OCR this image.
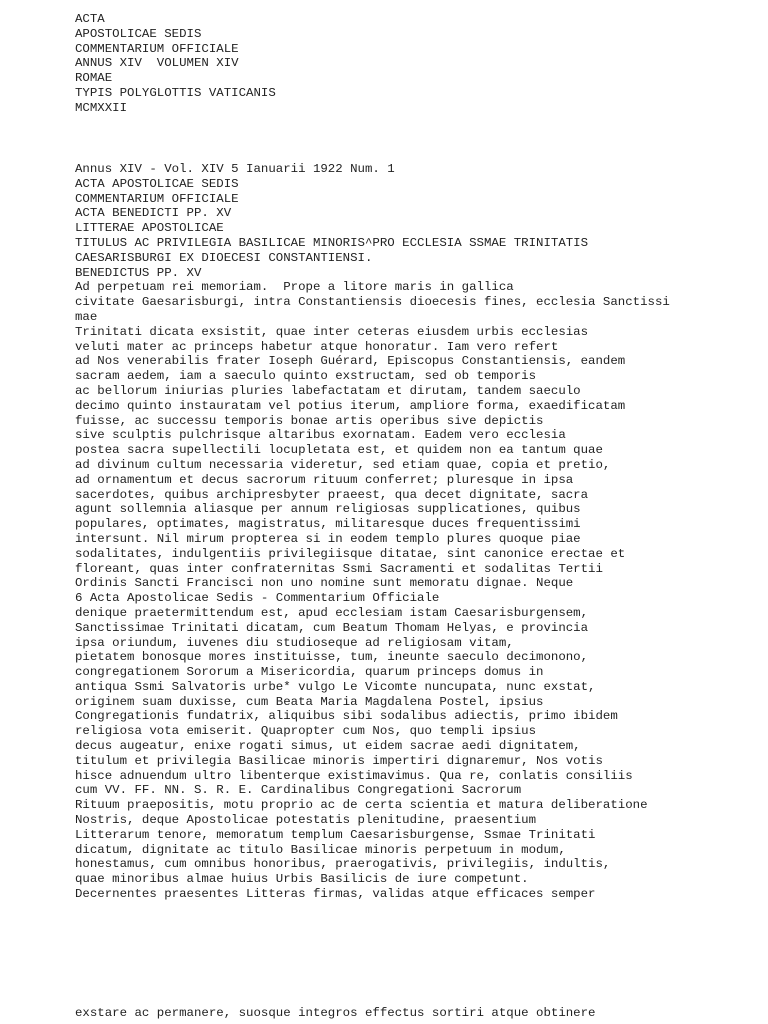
ACTA
APOSTOLICAE SEDIS
COMMENTARIUM OFFICIALE
ANNUS XIV  VOLUMEN XIV
ROMAE
TYPIS POLYGLOTTIS VATICANIS
MCMXXII
Annus XIV - Vol. XIV 5 Ianuarii 1922 Num. 1
ACTA APOSTOLICAE SEDIS
COMMENTARIUM OFFICIALE
ACTA BENEDICTI PP. XV
LITTERAE APOSTOLICAE
TITULUS AC PRIVILEGIA BASILICAE MINORIS^PRO ECCLESIA SSMAE TRINITATIS
CAESARISBURGI EX DIOECESI CONSTANTIENSI.
BENEDICTUS PP. XV
Ad perpetuam rei memoriam.  Prope a litore maris in gallica
civitate Gaesarisburgi, intra Constantiensis dioecesis fines, ecclesia Sanctissi
mae
Trinitati dicata exsistit, quae inter ceteras eiusdem urbis ecclesias
veluti mater ac princeps habetur atque honoratur. Iam vero refert
ad Nos venerabilis frater Ioseph Guérard, Episcopus Constantiensis, eandem
sacram aedem, iam a saeculo quinto exstructam, sed ob temporis
ac bellorum iniurias pluries labefactatam et dirutam, tandem saeculo
decimo quinto instauratam vel potius iterum, ampliore forma, exaedificatam
fuisse, ac successu temporis bonae artis operibus sive depictis
sive sculptis pulchrisque altaribus exornatam. Eadem vero ecclesia
postea sacra supellectili locupletata est, et quidem non ea tantum quae
ad divinum cultum necessaria videretur, sed etiam quae, copia et pretio,
ad ornamentum et decus sacrorum rituum conferret; pluresque in ipsa
sacerdotes, quibus archipresbyter praeest, qua decet dignitate, sacra
agunt sollemnia aliasque per annum religiosas supplicationes, quibus
populares, optimates, magistratus, militaresque duces frequentissimi
intersunt. Nil mirum propterea si in eodem templo plures quoque piae
sodalitates, indulgentiis privilegiisque ditatae, sint canonice erectae et
floreant, quas inter confraternitas Ssmi Sacramenti et sodalitas Tertii
Ordinis Sancti Francisci non uno nomine sunt memoratu dignae. Neque
6 Acta Apostolicae Sedis - Commentarium Officiale
denique praetermittendum est, apud ecclesiam istam Caesarisburgensem,
Sanctissimae Trinitati dicatam, cum Beatum Thomam Helyas, e provincia
ipsa oriundum, iuvenes diu studioseque ad religiosam vitam,
pietatem bonosque mores instituisse, tum, ineunte saeculo decimonono,
congregationem Sororum a Misericordia, quarum princeps domus in
antiqua Ssmi Salvatoris urbe* vulgo Le Vicomte nuncupata, nunc exstat,
originem suam duxisse, cum Beata Maria Magdalena Postel, ipsius
Congregationis fundatrix, aliquibus sibi sodalibus adiectis, primo ibidem
religiosa vota emiserit. Quapropter cum Nos, quo templi ipsius
decus augeatur, enixe rogati simus, ut eidem sacrae aedi dignitatem,
titulum et privilegia Basilicae minoris impertiri dignaremur, Nos votis
hisce adnuendum ultro libenterque existimavimus. Qua re, conlatis consiliis
cum VV. FF. NN. S. R. E. Cardinalibus Congregationi Sacrorum
Rituum praepositis, motu proprio ac de certa scientia et matura deliberatione
Nostris, deque Apostolicae potestatis plenitudine, praesentium
Litterarum tenore, memoratum templum Caesarisburgense, Ssmae Trinitati
dicatum, dignitate ac titulo Basilicae minoris perpetuum in modum,
honestamus, cum omnibus honoribus, praerogativis, privilegiis, indultis,
quae minoribus almae huius Urbis Basilicis de iure competunt.
Decernentes praesentes Litteras firmas, validas atque efficaces semper
exstare ac permanere, suosque integros effectus sortiri atque obtinere
